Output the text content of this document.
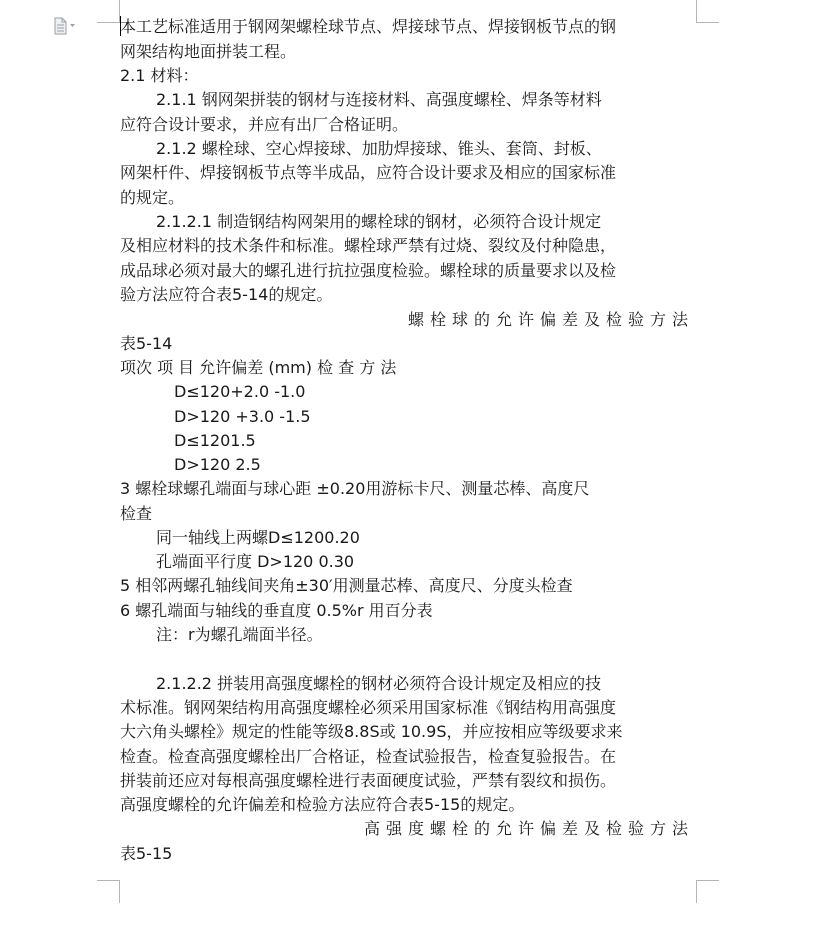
本工艺标准适用于钢网架螺栓球节点、焊接球节点、焊接钢板节点的钢
网架结构地面拼装工程。
2.1 材料：
2.1.1 钢网架拼装的钢材与连接材料、高强度螺栓、焊条等材料
应符合设计要求，并应有出厂合格证明。
2.1.2 螺栓球、空心焊接球、加肋焊接球、锥头、套筒、封板、
网架杆件、焊接钢板节点等半成品，应符合设计要求及相应的国家标准
的规定。
2.1.2.1 制造钢结构网架用的螺栓球的钢材，必须符合设计规定
及相应材料的技术条件和标准。螺栓球严禁有过烧、裂纹及付种隐患，
成品球必须对最大的螺孔进行抗拉强度检验。螺栓球的质量要求以及检
验方法应符合表5-14的规定。
螺栓球的允许偏差及检验方法
表5-14
项次 项 目 允许偏差 (mm) 检 查 方 法
D≤120+2.0 -1.0
D>120 +3.0 -1.5
D≤1201.5
D>120 2.5
3 螺栓球螺孔端面与球心距 ±0.20用游标卡尺、测量芯棒、高度尺
检查
同一轴线上两螺D≤1200.20
孔端面平行度 D>120 0.30
5 相邻两螺孔轴线间夹角±30′用测量芯棒、高度尺、分度头检查
6 螺孔端面与轴线的垂直度 0.5%r 用百分表
注：r为螺孔端面半径。
2.1.2.2 拼装用高强度螺栓的钢材必须符合设计规定及相应的技
术标准。钢网架结构用高强度螺栓必须采用国家标准《钢结构用高强度
大六角头螺栓》规定的性能等级8.8S或 10.9S，并应按相应等级要求来
检查。检查高强度螺栓出厂合格证，检查试验报告，检查复验报告。在
拼装前还应对每根高强度螺栓进行表面硬度试验，严禁有裂纹和损伤。
高强度螺栓的允许偏差和检验方法应符合表5-15的规定。
高强度螺栓的允许偏差及检验方法
表5-15
